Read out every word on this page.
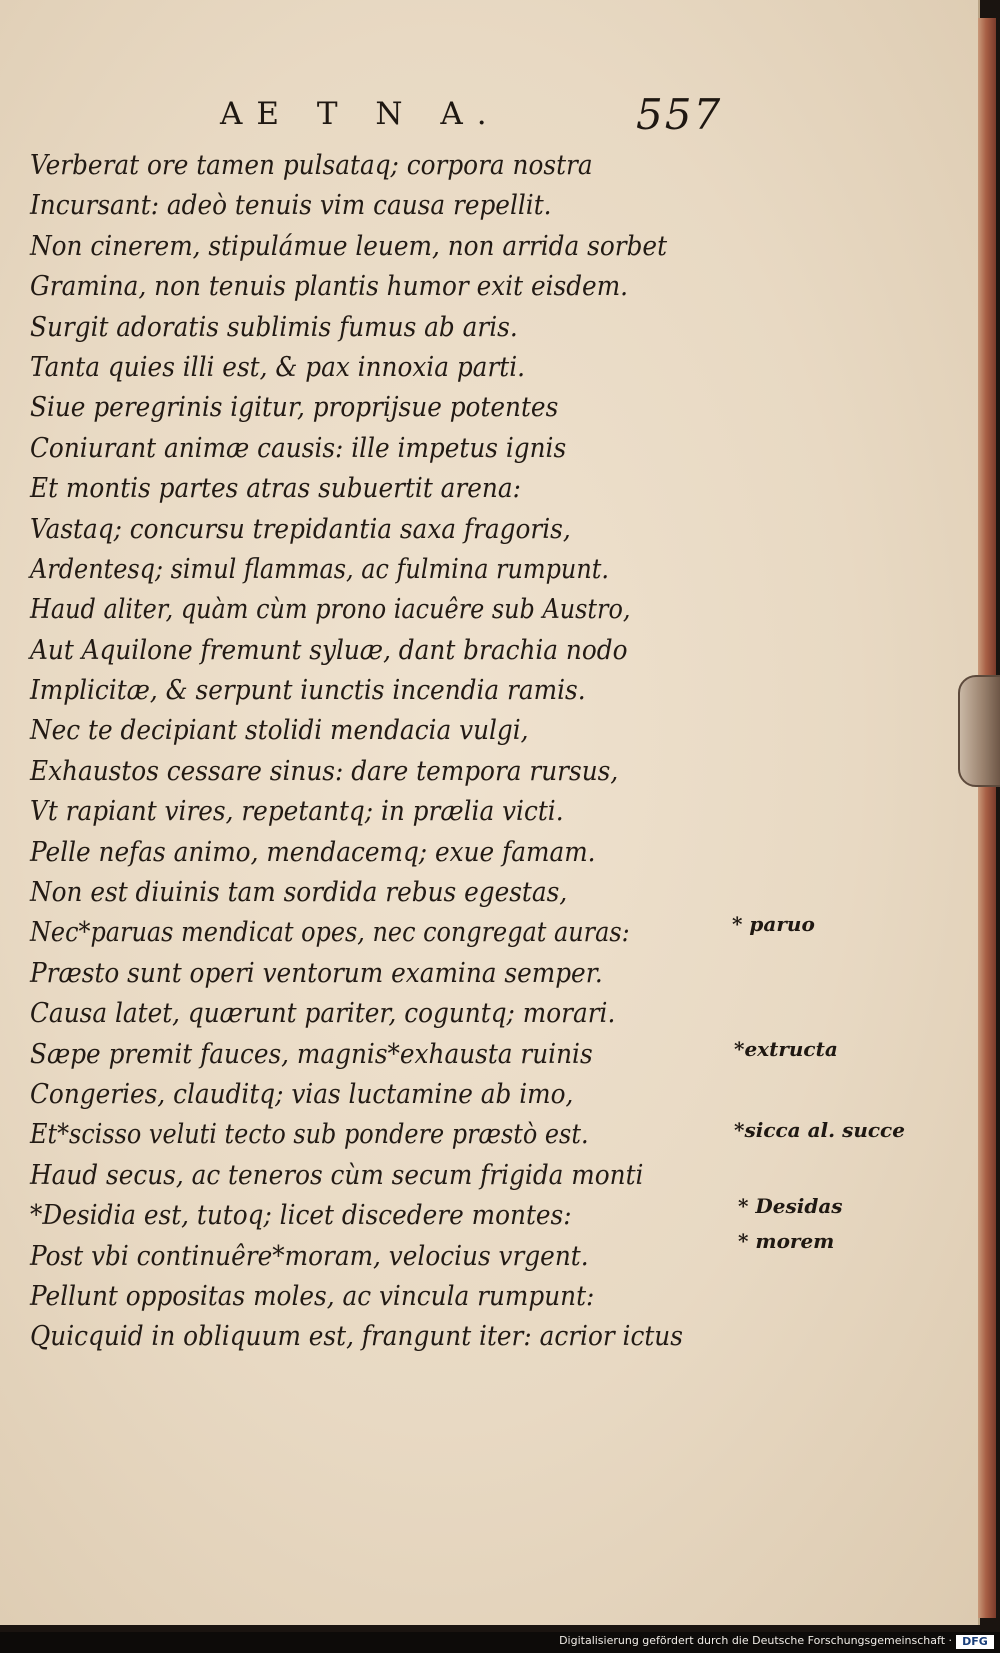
AE T N A.	557
Verberat ore tamen pulsataq; corpora nostra
Incursant: adeò tenuis vim causa repellit.
Non cinerem, stipulámue leuem, non arrida sorbet
Gramina, non tenuis plantis humor exit eisdem.
Surgit adoratis sublimis fumus ab aris.
Tanta quies illi est, & pax innoxia parti.
Siue peregrinis igitur, proprijsue potentes
Coniurant animæ causis: ille impetus ignis
Et montis partes atras subuertit arena:
Vastaq; concursu trepidantia saxa fragoris,
Ardentesq; simul flammas, ac fulmina rumpunt.
Haud aliter, quàm cùm prono iacuêre sub Austro,
Aut Aquilone fremunt syluæ, dant brachia nodo
Implicitæ, & serpunt iunctis incendia ramis.
Nec te decipiant stolidi mendacia vulgi,
Exhaustos cessare sinus: dare tempora rursus,
Vt rapiant vires, repetantq; in prælia victi.
Pelle nefas animo, mendacemq; exue famam.
Non est diuinis tam sordida rebus egestas,
Nec*paruas mendicat opes, nec congregat auras:
Præsto sunt operi ventorum examina semper.
Causa latet, quærunt pariter, coguntq; morari.
Sæpe premit fauces, magnis*exhausta ruinis
Congeries, clauditq; vias luctamine ab imo,
Et*scisso veluti tecto sub pondere præstò est.
Haud secus, ac teneros cùm secum frigida monti
*Desidia est, tutoq; licet discedere montes:
Post vbi continuêre*moram, velocius vrgent.
Pellunt oppositas moles, ac vincula rumpunt:
Quicquid in obliquum est, frangunt iter: acrior ictus
* paruo
*extructa
*sicca al. succe
* Desidas
* morem
Digitalisierung gefördert durch die Deutsche Forschungsgemeinschaft · DFG
